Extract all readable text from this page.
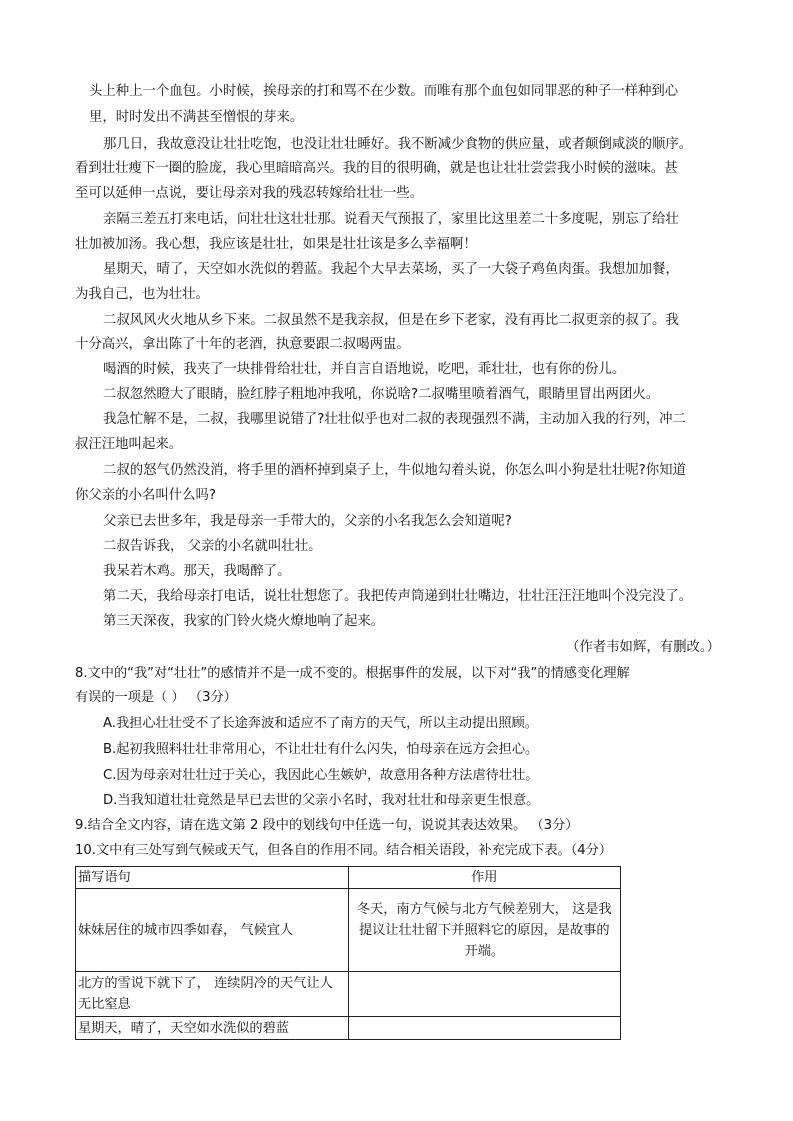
头上种上一个血包。小时候，挨母亲的打和骂不在少数。而唯有那个血包如同罪恶的种子一样种到心
里，时时发出不满甚至憎恨的芽来。
那几日，我故意没让壮壮吃饱，也没让壮壮睡好。我不断减少食物的供应量，或者颠倒咸淡的顺序。
看到壮壮瘦下一圈的脸庞，我心里暗暗高兴。我的目的很明确，就是也让壮壮尝尝我小时候的滋味。甚
至可以延伸一点说，要让母亲对我的残忍转嫁给壮壮一些。
亲隔三差五打来电话，问壮壮这壮壮那。说看天气预报了，家里比这里差二十多度呢，别忘了给壮
壮加被加汤。我心想，我应该是壮壮，如果是壮壮该是多么幸福啊！
星期天，晴了，天空如水洗似的碧蓝。我起个大早去菜场，买了一大袋子鸡鱼肉蛋。我想加加餐，
为我自己，也为壮壮。
二叔风风火火地从乡下来。二叔虽然不是我亲叔，但是在乡下老家，没有再比二叔更亲的叔了。我
十分高兴，拿出陈了十年的老酒，执意要跟二叔喝两盅。
喝酒的时候，我夹了一块排骨给壮壮，并自言自语地说，吃吧，乖壮壮，也有你的份儿。
二叔忽然瞪大了眼睛，脸红脖子粗地冲我吼，你说啥?二叔嘴里喷着酒气，眼睛里冒出两团火。
我急忙解不是，二叔，我哪里说错了?壮壮似乎也对二叔的表现强烈不满，主动加入我的行列，冲二
叔汪汪地叫起来。
二叔的怒气仍然没消，将手里的酒杯掉到桌子上，牛似地勾着头说，你怎么叫小狗是壮壮呢?你知道
你父亲的小名叫什么吗?
父亲已去世多年，我是母亲一手带大的，父亲的小名我怎么会知道呢?
二叔告诉我， 父亲的小名就叫壮壮。
我呆若木鸡。那天，我喝醉了。
第二天，我给母亲打电话，说壮壮想您了。我把传声筒递到壮壮嘴边，壮壮汪汪汪地叫个没完没了。
第三天深夜，我家的门铃火烧火燎地响了起来。
（作者韦如辉，有删改。）
8.文中的“我”对“壮壮”的感情并不是一成不变的。根据事件的发展，以下对“我”的情感变化理解
有误的一项是（ ） （3分）
A.我担心壮壮受不了长途奔波和适应不了南方的天气，所以主动提出照顾。
B.起初我照料壮壮非常用心，不让壮壮有什么闪失，怕母亲在远方会担心。
C.因为母亲对壮壮过于关心，我因此心生嫉妒，故意用各种方法虐待壮壮。
D.当我知道壮壮竟然是早已去世的父亲小名时，我对壮壮和母亲更生恨意。
9.结合全文内容，请在选文第 2 段中的划线句中任选一句，说说其表达效果。 （3分）
10.文中有三处写到气候或天气，但各自的作用不同。结合相关语段，补充完成下表。（4分）
描写语句	作用
妹妹居住的城市四季如春， 气候宜人	冬天，南方气候与北方气候差别大， 这是我
提议让壮壮留下并照料它的原因，是故事的
开端。

北方的雪说下就下了， 连续阴冷的天气让人
无比窒息	

星期天，晴了，天空如水洗似的碧蓝	
